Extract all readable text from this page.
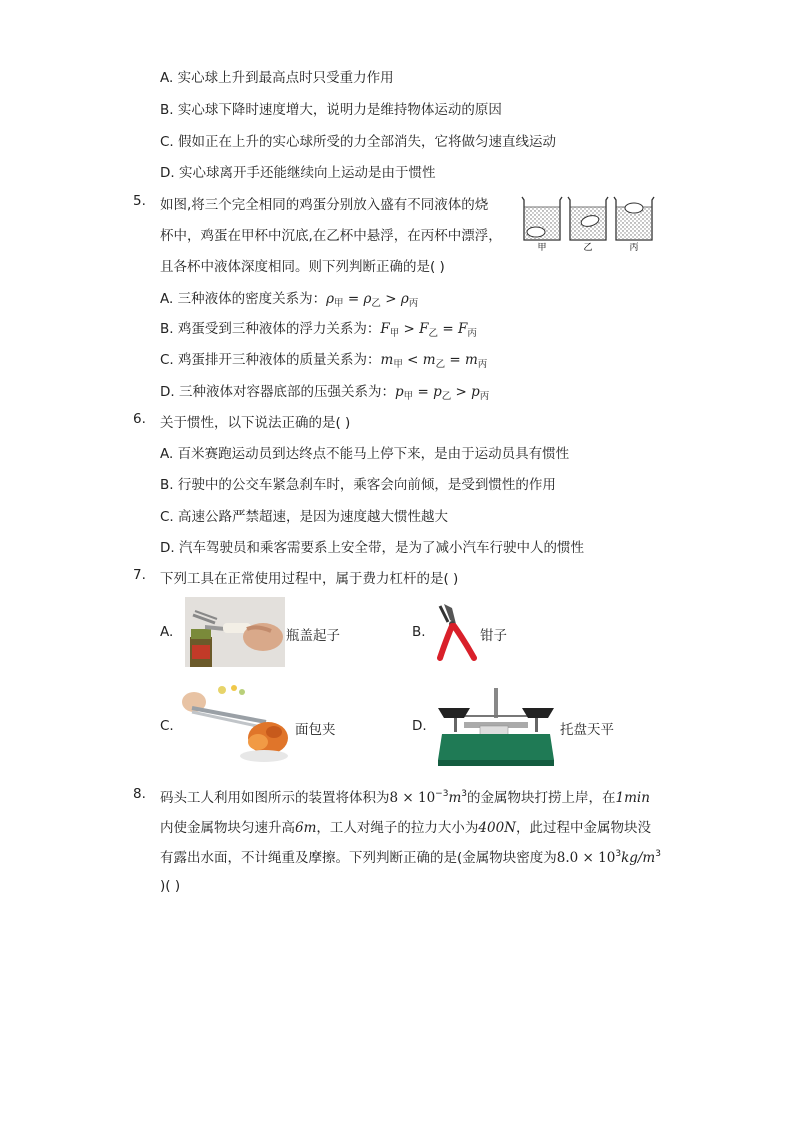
A. 实心球上升到最高点时只受重力作用
B. 实心球下降时速度增大，说明力是维持物体运动的原因
C. 假如正在上升的实心球所受的力全部消失，它将做匀速直线运动
D. 实心球离开手还能继续向上运动是由于惯性
5. 如图,将三个完全相同的鸡蛋分别放入盛有不同液体的烧
杯中，鸡蛋在甲杯中沉底,在乙杯中悬浮，在丙杯中漂浮，
且各杯中液体深度相同。则下列判断正确的是( )
甲	乙	丙
A. 三种液体的密度关系为：$\rho_甲 = \rho_乙 > \rho_丙$
B. 鸡蛋受到三种液体的浮力关系为：$F_甲 > F_乙 = F_丙$
C. 鸡蛋排开三种液体的质量关系为：$m_甲 < m_乙 = m_丙$
D. 三种液体对容器底部的压强关系为：$p_甲 = p_乙 > p_丙$
6. 关于惯性，以下说法正确的是( )
A. 百米赛跑运动员到达终点不能马上停下来，是由于运动员具有惯性
B. 行驶中的公交车紧急刹车时，乘客会向前倾，是受到惯性的作用
C. 高速公路严禁超速，是因为速度越大惯性越大
D. 汽车驾驶员和乘客需要系上安全带，是为了减小汽车行驶中人的惯性
7. 下列工具在正常使用过程中，属于费力杠杆的是( )
A.	瓶盖起子	B.	钳子
C.	面包夹	D.	托盘天平
8. 码头工人利用如图所示的装置将体积为$8 \times 10^{-3}m^3$的金属物块打捞上岸，在1min
内使金属物块匀速升高6m，工人对绳子的拉力大小为400N，此过程中金属物块没
有露出水面，不计绳重及摩擦。下列判断正确的是(金属物块密度为$8.0 \times 10^3kg/m^3$
)( )
